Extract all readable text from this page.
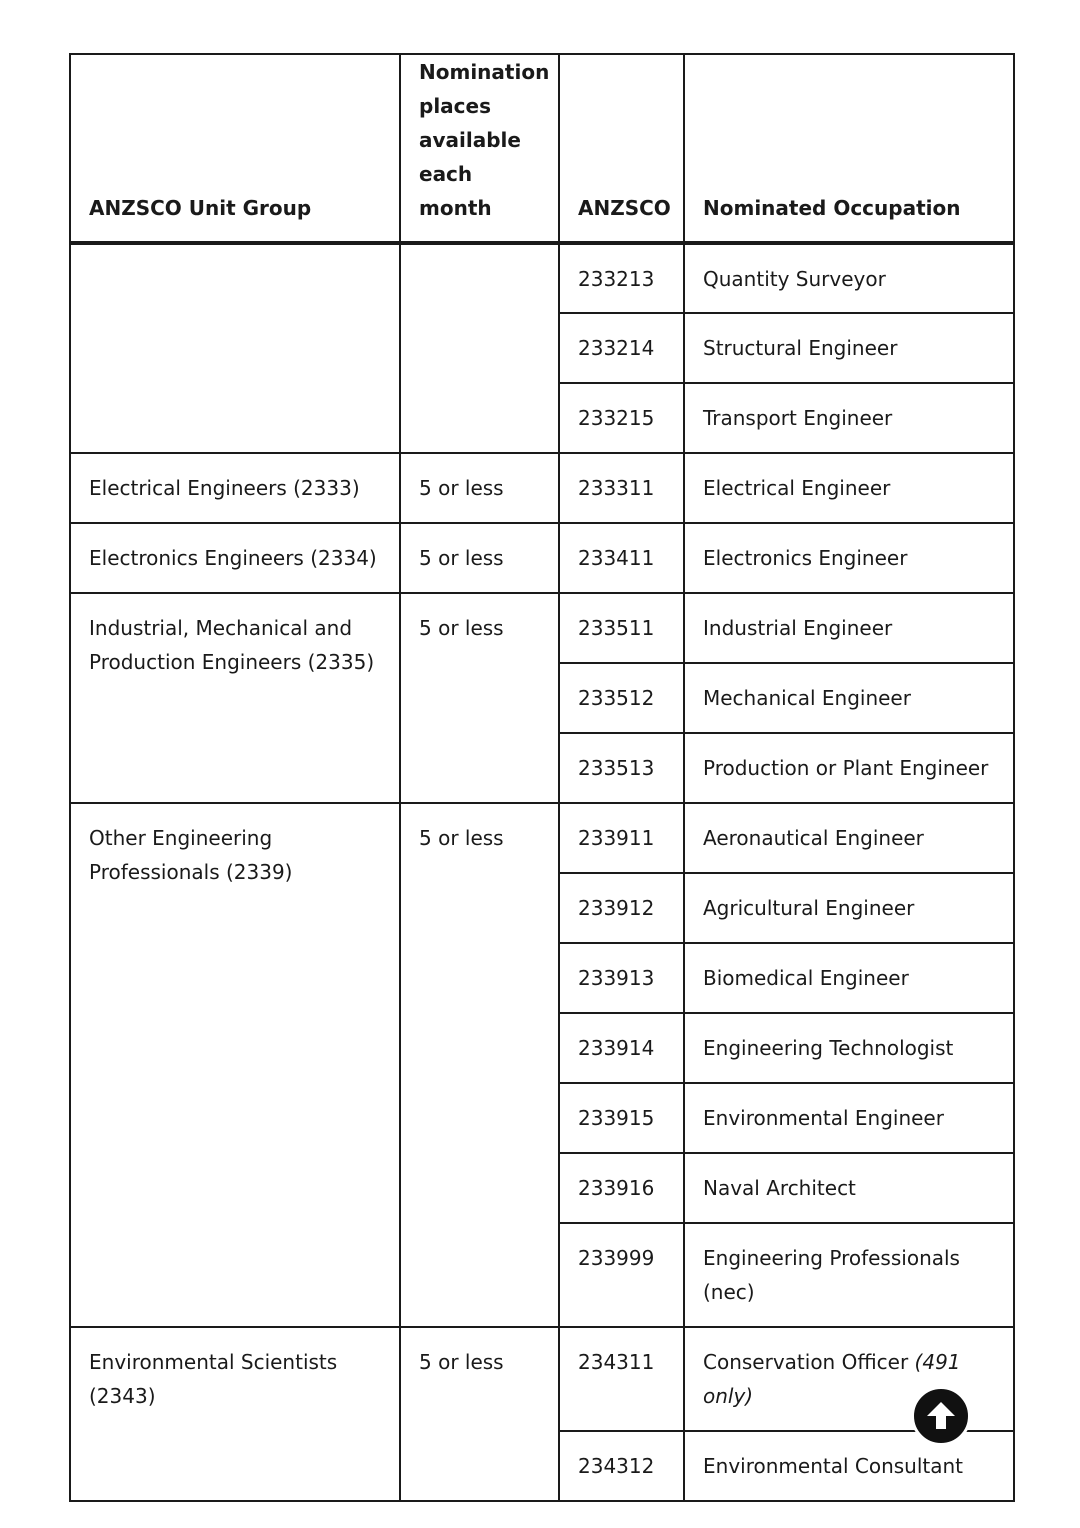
ANZSCO Unit Group	Nomination places available each month	ANZSCO	Nominated Occupation
		233213	Quantity Surveyor
		233214	Structural Engineer
		233215	Transport Engineer
Electrical Engineers (2333)	5 or less	233311	Electrical Engineer
Electronics Engineers (2334)	5 or less	233411	Electronics Engineer
Industrial, Mechanical and Production Engineers (2335)	5 or less	233511	Industrial Engineer
		233512	Mechanical Engineer
		233513	Production or Plant Engineer
Other Engineering Professionals (2339)	5 or less	233911	Aeronautical Engineer
		233912	Agricultural Engineer
		233913	Biomedical Engineer
		233914	Engineering Technologist
		233915	Environmental Engineer
		233916	Naval Architect
		233999	Engineering Professionals (nec)
Environmental Scientists (2343)	5 or less	234311	Conservation Officer (491 only)
		234312	Environmental Consultant
